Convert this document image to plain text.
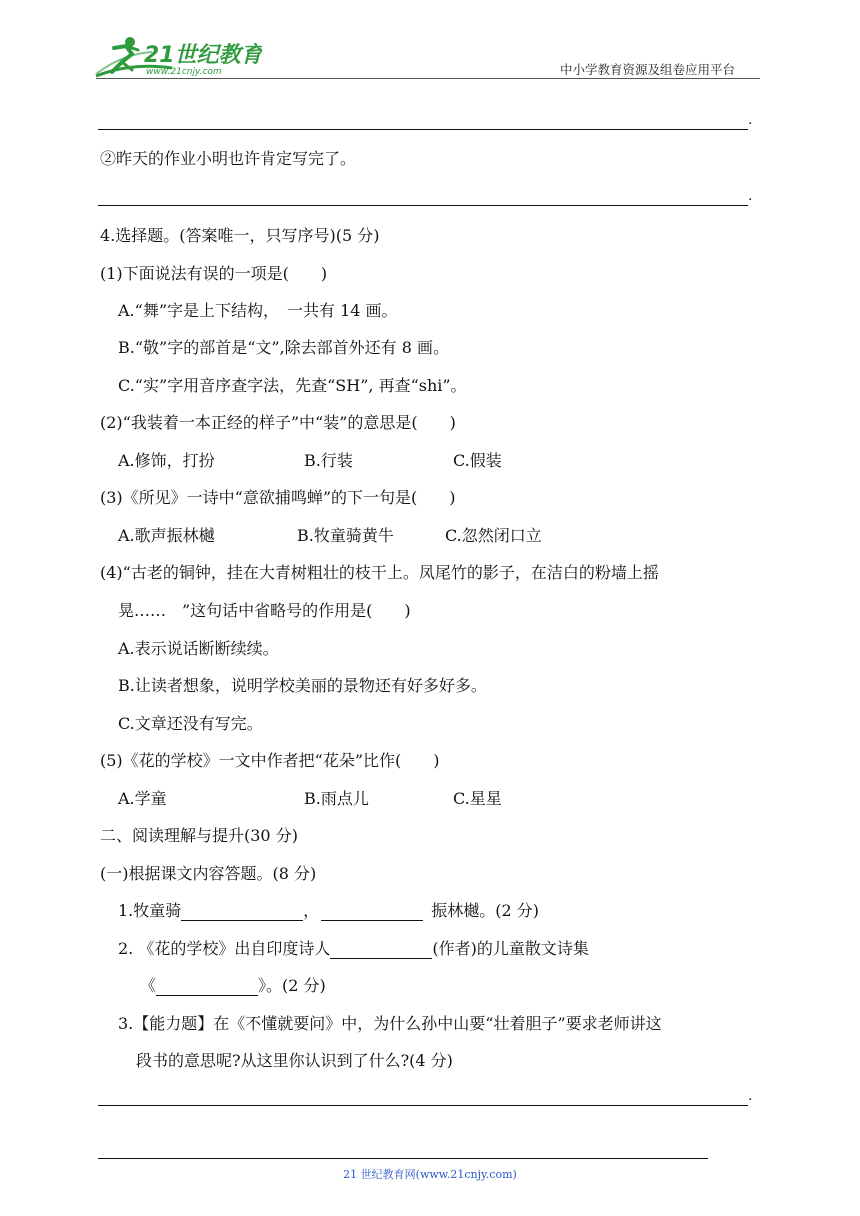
21世纪教育
www.21cnjy.com	中小学教育资源及组卷应用平台
.
②昨天的作业小明也许肯定写完了。
.
4.选择题。(答案唯一，只写序号)(5 分)
(1)下面说法有误的一项是(　　)
A.“舞”字是上下结构，　一共有 14 画。
B.“敬”字的部首是“文”,除去部首外还有 8 画。
C.“实”字用音序查字法，先查“SH”, 再查“shi”。
(2)“我装着一本正经的样子”中“装”的意思是(　　)
A.修饰，打扮	B.行装	C.假装
(3)《所见》一诗中“意欲捕鸣蝉”的下一句是(　　)
A.歌声振林樾	B.牧童骑黄牛	C.忽然闭口立
(4)“古老的铜钟，挂在大青树粗壮的枝干上。凤尾竹的影子，在洁白的粉墙上摇
晃……　”这句话中省略号的作用是(　　)
A.表示说话断断续续。
B.让读者想象，说明学校美丽的景物还有好多好多。
C.文章还没有写完。
(5)《花的学校》一文中作者把“花朵”比作(　　)
A.学童	B.雨点儿	C.星星
二、阅读理解与提升(30 分)
(一)根据课文内容答题。(8 分)
1.牧童骑	，	振林樾。(2 分)
2. 《花的学校》出自印度诗人	(作者)的儿童散文诗集
《	》。(2 分)
3.【能力题】在《不懂就要问》中，为什么孙中山要“壮着胆子”要求老师讲这
段书的意思呢?从这里你认识到了什么?(4 分)
.
21 世纪教育网(www.21cnjy.com)
